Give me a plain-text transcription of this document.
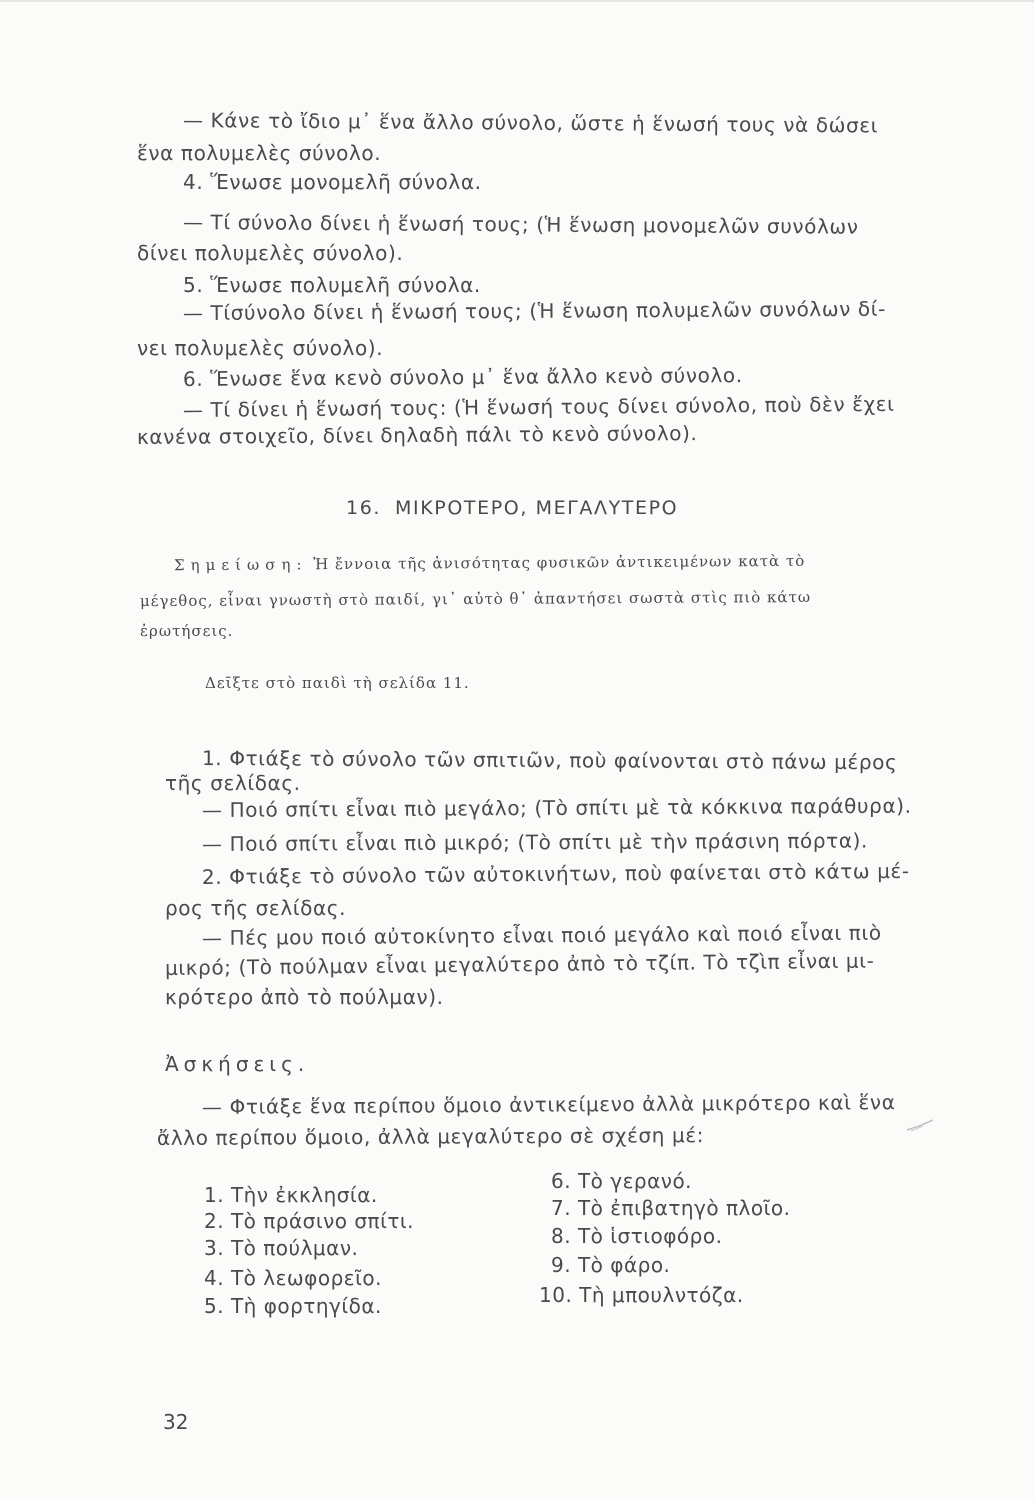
— Κάνε τὸ ἴδιο μ᾽ ἕνα ἄλλο σύνολο, ὥστε ἡ ἕνωσή τους νὰ δώσει
ἕνα πολυμελὲς σύνολο.
4. Ἕνωσε μονομελῆ σύνολα.
— Τί σύνολο δίνει ἡ ἕνωσή τους; (Ἡ ἕνωση μονομελῶν συνόλων
δίνει πολυμελὲς σύνολο).
5. Ἕνωσε πολυμελῆ σύνολα.
— Τίσύνολο δίνει ἡ ἕνωσή τους; (Ἡ ἕνωση πολυμελῶν συνόλων δί-
νει πολυμελὲς σύνολο).
6. Ἕνωσε ἕνα κενὸ σύνολο μ᾽ ἕνα ἄλλο κενὸ σύνολο.
— Τί δίνει ἡ ἕνωσή τους: (Ἡ ἕνωσή τους δίνει σύνολο, ποὺ δὲν ἔχει
κανένα στοιχεῖο, δίνει δηλαδὴ πάλι τὸ κενὸ σύνολο).
16. ΜΙΚΡΟΤΕΡΟ, ΜΕΓΑΛΥΤΕΡΟ
Σημείωση: Ἡ ἔννοια τῆς ἀνισότητας φυσικῶν ἀντικειμένων κατὰ τὸ
μέγεθος, εἶναι γνωστὴ στὸ παιδί, γι᾽ αὐτὸ θ᾽ ἀπαντήσει σωστὰ στὶς πιὸ κάτω
ἐρωτήσεις.
Δεῖξτε στὸ παιδὶ τὴ σελίδα 11.
1. Φτιάξε τὸ σύνολο τῶν σπιτιῶν, ποὺ φαίνονται στὸ πάνω μέρος
τῆς σελίδας.
— Ποιό σπίτι εἶναι πιὸ μεγάλο; (Τὸ σπίτι μὲ τὰ κόκκινα παράθυρα).
— Ποιό σπίτι εἶναι πιὸ μικρό; (Τὸ σπίτι μὲ τὴν πράσινη πόρτα).
2. Φτιάξε τὸ σύνολο τῶν αὐτοκινήτων, ποὺ φαίνεται στὸ κάτω μέ-
ρος τῆς σελίδας.
— Πές μου ποιό αὐτοκίνητο εἶναι ποιό μεγάλο καὶ ποιό εἶναι πιὸ
μικρό; (Τὸ πούλμαν εἶναι μεγαλύτερο ἀπὸ τὸ τζίπ. Τὸ τζὶπ εἶναι μι-
κρότερο ἀπὸ τὸ πούλμαν).
Ἀσκήσεις.
— Φτιάξε ἕνα περίπου ὅμοιο ἀντικείμενο ἀλλὰ μικρότερο καὶ ἕνα
ἄλλο περίπου ὅμοιο, ἀλλὰ μεγαλύτερο σὲ σχέση μέ:
1. Τὴν ἐκκλησία.
2. Τὸ πράσινο σπίτι.
3. Τὸ πούλμαν.
4. Τὸ λεωφορεῖο.
5. Τὴ φορτηγίδα.
6. Τὸ γερανό.
7. Τὸ ἐπιβατηγὸ πλοῖο.
8. Τὸ ἱστιοφόρο.
9. Τὸ φάρο.
10. Τὴ μπουλντόζα.
32
